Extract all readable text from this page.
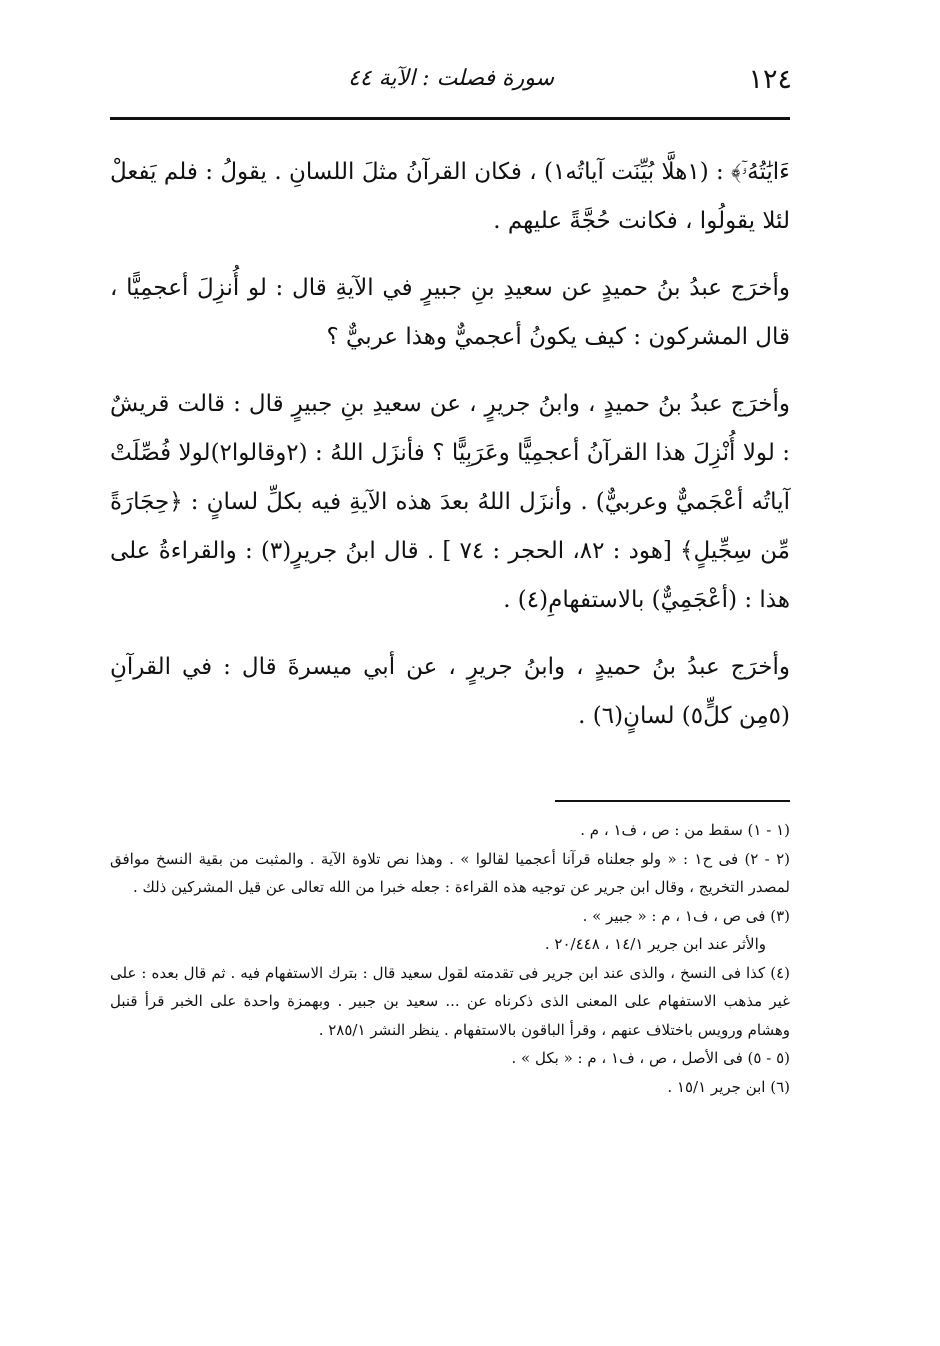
١٢٤
سورة فصلت : الآية ٤٤

ءَايَٰتُهُۥٓ﴾ : (١هلَّا بُيِّنَت آياتُه١) ، فكان القرآنُ مثلَ اللسانِ . يقولُ : فلم يَفعلْ لئلا يقولُوا ، فكانت حُجَّةً عليهم .

وأخرَج عبدُ بنُ حميدٍ عن سعيدِ بنِ جبيرٍ في الآيةِ قال : لو أُنزِلَ أعجمِيًّا ، قال المشركون : كيف يكونُ أعجميٌّ وهذا عربيٌّ ؟

وأخرَج عبدُ بنُ حميدٍ ، وابنُ جريرٍ ، عن سعيدِ بنِ جبيرٍ قال : قالت قريشٌ : لولا أُنْزِلَ هذا القرآنُ أعجمِيًّا وعَرَبِيًّا ؟ فأنزَل اللهُ : (٢وقالوا٢)لولا فُصِّلَتْ آياتُه أعْجَميٌّ وعربيٌّ) . وأنزَل اللهُ بعدَ هذه الآيةِ فيه بكلِّ لسانٍ : ﴿حِجَارَةً مِّن سِجِّيلٍ﴾ [هود : ٨٢، الحجر : ٧٤ ] . قال ابنُ جريرٍ(٣) : والقراءةُ على هذا : (أعْجَمِيٌّ) بالاستفهامِ(٤) .

وأخرَج عبدُ بنُ حميدٍ ، وابنُ جريرٍ ، عن أبي ميسرةَ قال : في القرآنِ (٥مِن كلٍّ٥) لسانٍ(٦) .

(١ - ١) سقط من : ص ، ف١ ، م .

(٢ - ٢) فى ح١ : « ولو جعلناه قرآنا أعجميا لقالوا » . وهذا نص تلاوة الآية . والمثبت من بقية النسخ موافق لمصدر التخريج ، وقال ابن جرير عن توجيه هذه القراءة : جعله خبرا من الله تعالى عن قيل المشركين ذلك .

(٣) فى ص ، ف١ ، م : « جبير » .

والأثر عند ابن جرير ١٤/١ ، ٢٠/٤٤٨ .

(٤) كذا فى النسخ ، والذى عند ابن جرير فى تقدمته لقول سعيد قال : بترك الاستفهام فيه . ثم قال بعده : على غير مذهب الاستفهام على المعنى الذى ذكرناه عن ... سعيد بن جبير . وبهمزة واحدة على الخبر قرأ قنبل وهشام ورويس باختلاف عنهم ، وقرأ الباقون بالاستفهام . ينظر النشر ٢٨٥/١ .

(٥ - ٥) فى الأصل ، ص ، ف١ ، م : « بكل » .

(٦) ابن جرير ١٥/١ .
